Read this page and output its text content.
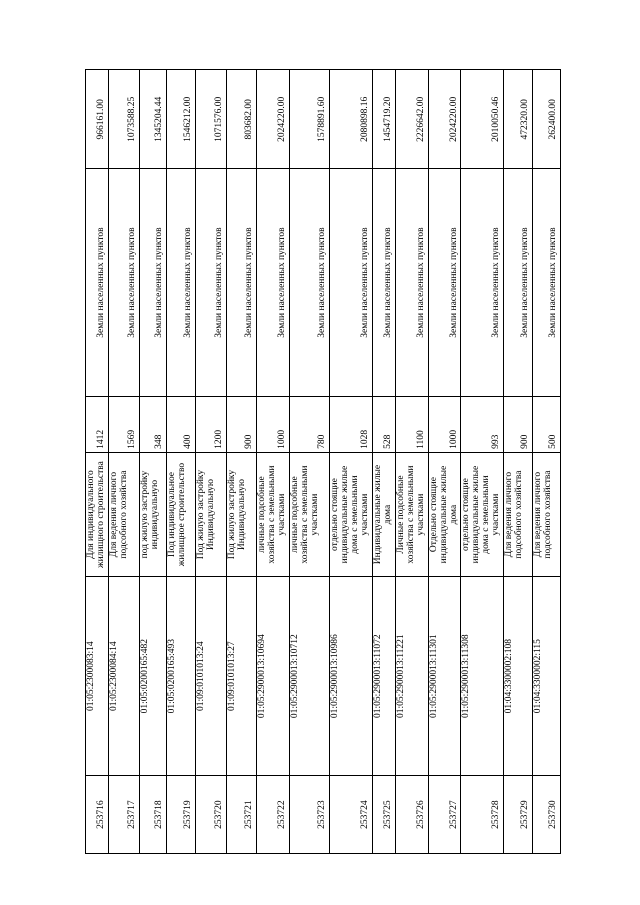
253716	01:05:2300083:14	Для индивидуального жилищного строительства	1412	Земли населенных пунктов	966161.00
253717	01:05:2300084:14	Для ведения личного подсобного хозяйства	1569	Земли населенных пунктов	1073588.25
253718	01:05:0200165:482	под жилую застройку индивидуальную	348	Земли населенных пунктов	1345204.44
253719	01:05:0200165:493	Под индивидуальное жилищное строительство	400	Земли населенных пунктов	1546212.00
253720	01:09:0101013:24	Под жилую застройку Индивидуальную	1200	Земли населенных пунктов	1071576.00
253721	01:09:0101013:27	Под жилую застройку Индивидуальную	900	Земли населенных пунктов	803682.00
253722	01:05:2900013:10694	личные подсобные хозяйства с земельными участками	1000	Земли населенных пунктов	2024220.00
253723	01:05:2900013:10712	личные подсобные хозяйства с земельными участками	780	Земли населенных пунктов	1578891.60
253724	01:05:2900013:10986	отдельно стоящие индивидуальные жилые дома с земельными участками	1028	Земли населенных пунктов	2080898.16
253725	01:05:2900013:11072	Индивидуальные жилые дома	528	Земли населенных пунктов	1454719.20
253726	01:05:2900013:11221	Личные подсобные хозяйства с земельными участками	1100	Земли населенных пунктов	2226642.00
253727	01:05:2900013:11301	Отдельно стоящие индивидуальные жилые дома	1000	Земли населенных пунктов	2024220.00
253728	01:05:2900013:11308	отдельно стоящие индивидуальные жилые дома с земельными участками	993	Земли населенных пунктов	2010050.46
253729	01:04:3300002:108	Для ведения личного подсобного хозяйства	900	Земли населенных пунктов	472320.00
253730	01:04:3300002:115	Для ведения личного подсобного хозяйства	500	Земли населенных пунктов	262400.00
